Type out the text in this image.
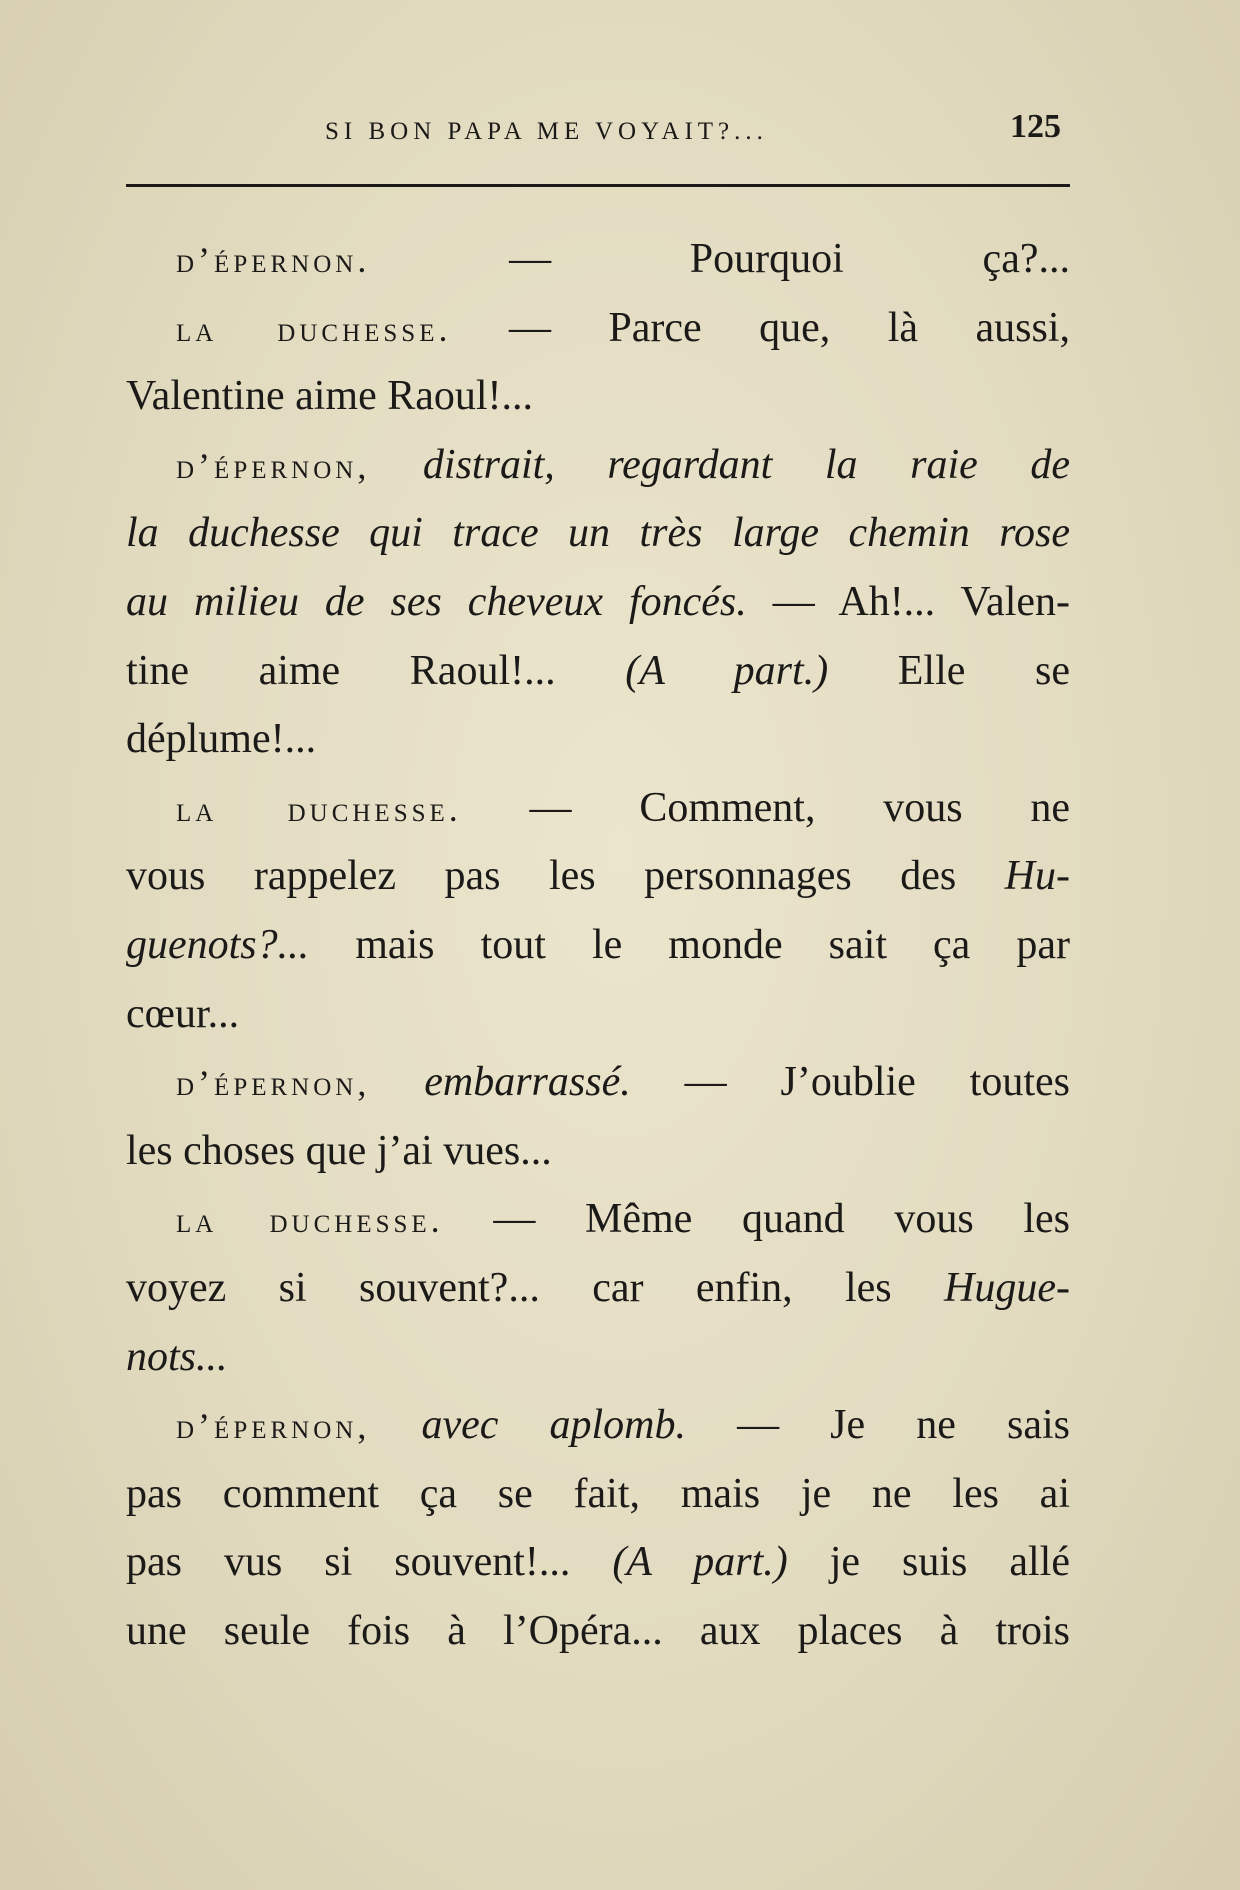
SI BON PAPA ME VOYAIT?...	125
d’épernon. — Pourquoi ça?...
la duchesse. — Parce que, là aussi,
Valentine aime Raoul!...
d’épernon, distrait, regardant la raie de
la duchesse qui trace un très large chemin rose
au milieu de ses cheveux foncés. — Ah!... Valen-
tine aime Raoul!... (A part.) Elle se
déplume!...
la duchesse. — Comment, vous ne
vous rappelez pas les personnages des Hu-
guenots?... mais tout le monde sait ça par
cœur...
d’épernon, embarrassé. — J’oublie toutes
les choses que j’ai vues...
la duchesse. — Même quand vous les
voyez si souvent?... car enfin, les Hugue-
nots...
d’épernon, avec aplomb. — Je ne sais
pas comment ça se fait, mais je ne les ai
pas vus si souvent!... (A part.) je suis allé
une seule fois à l’Opéra... aux places à trois
